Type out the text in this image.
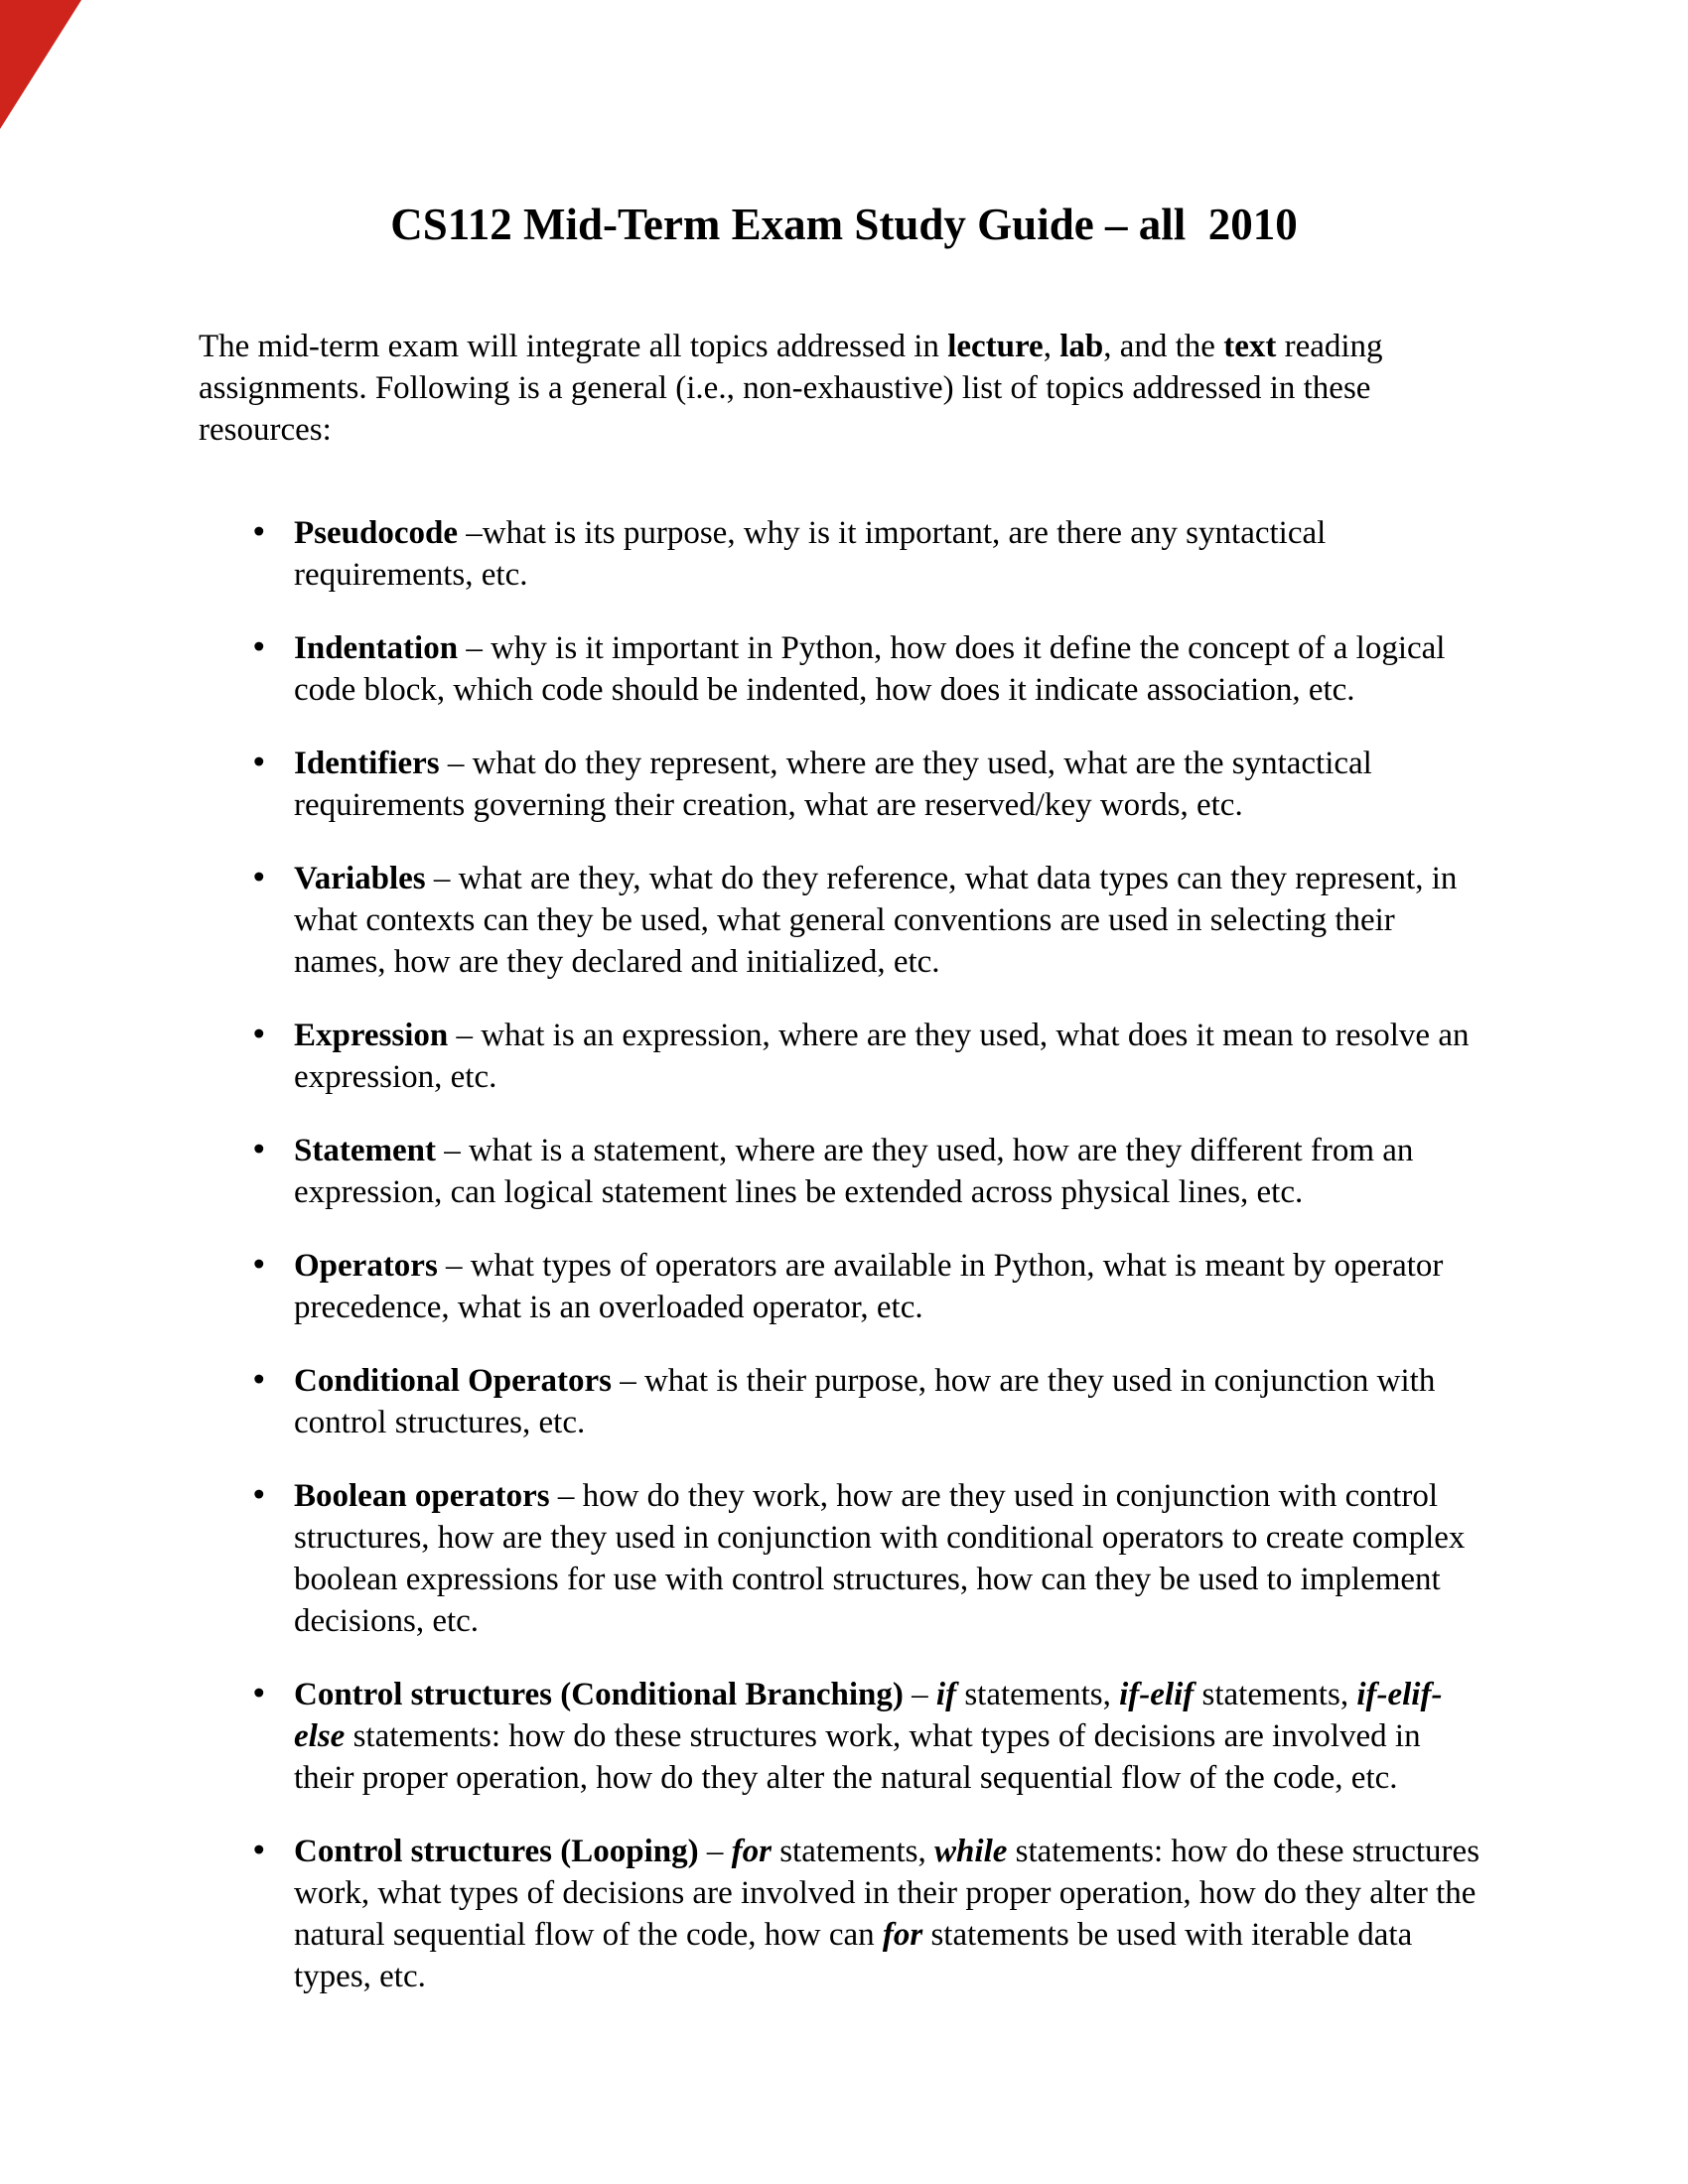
CS112 Mid-Term Exam Study Guide – all  2010

The mid-term exam will integrate all topics addressed in lecture, lab, and the text reading assignments. Following is a general (i.e., non-exhaustive) list of topics addressed in these resources:

• Pseudocode –what is its purpose, why is it important, are there any syntactical requirements, etc.
• Indentation – why is it important in Python, how does it define the concept of a logical code block, which code should be indented, how does it indicate association, etc.
• Identifiers – what do they represent, where are they used, what are the syntactical requirements governing their creation, what are reserved/key words, etc.
• Variables – what are they, what do they reference, what data types can they represent, in what contexts can they be used, what general conventions are used in selecting their names, how are they declared and initialized, etc.
• Expression – what is an expression, where are they used, what does it mean to resolve an expression, etc.
• Statement – what is a statement, where are they used, how are they different from an expression, can logical statement lines be extended across physical lines, etc.
• Operators – what types of operators are available in Python, what is meant by operator precedence, what is an overloaded operator, etc.
• Conditional Operators – what is their purpose, how are they used in conjunction with control structures, etc.
• Boolean operators – how do they work, how are they used in conjunction with control structures, how are they used in conjunction with conditional operators to create complex boolean expressions for use with control structures, how can they be used to implement decisions, etc.
• Control structures (Conditional Branching) – if statements, if-elif statements, if-elif-else statements: how do these structures work, what types of decisions are involved in their proper operation, how do they alter the natural sequential flow of the code, etc.
• Control structures (Looping) – for statements, while statements: how do these structures work, what types of decisions are involved in their proper operation, how do they alter the natural sequential flow of the code, how can for statements be used with iterable data types, etc.
